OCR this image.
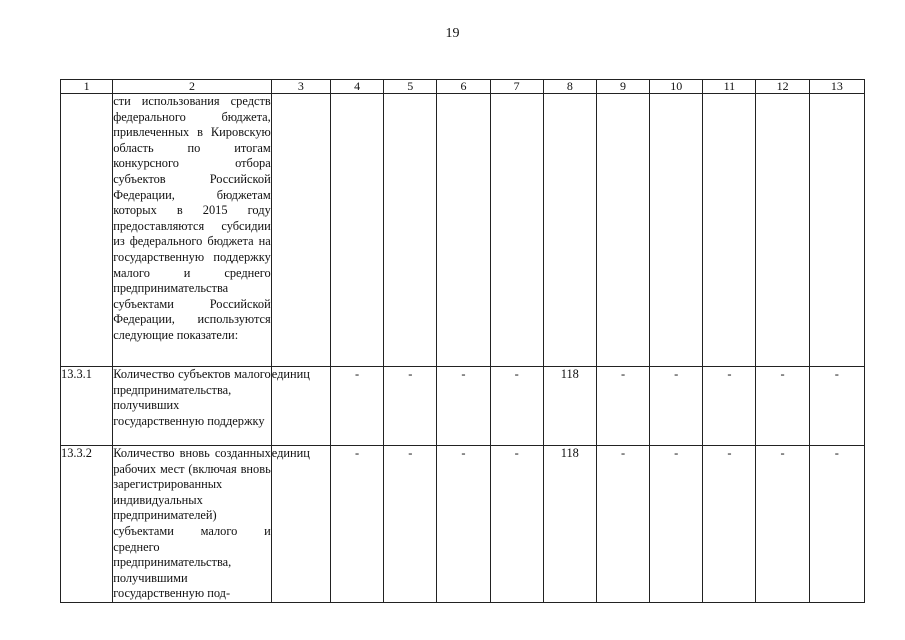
19
1	2	3	4	5	6	7	8	9	10	11	12	13

	сти использования средств федерального бюджета, привлеченных в Кировскую область по итогам конкурсного отбора субъектов Российской Федерации, бюджетам которых в 2015 году предоставляются субсидии из федерального бюджета на государственную поддержку малого и среднего предпринимательства субъектами Российской Федерации, используются следующие показатели:											

13.3.1	Количество субъектов малого предпринимательства, получивших государственную поддержку	единиц	-	-	-	-	118	-	-	-	-	-
13.3.2	Количество вновь созданных рабочих мест (включая вновь зарегистрированных индивидуальных предпринимателей) субъектами малого и среднего предпринимательства, получившими государственную под-	единиц	-	-	-	-	118	-	-	-	-	-
